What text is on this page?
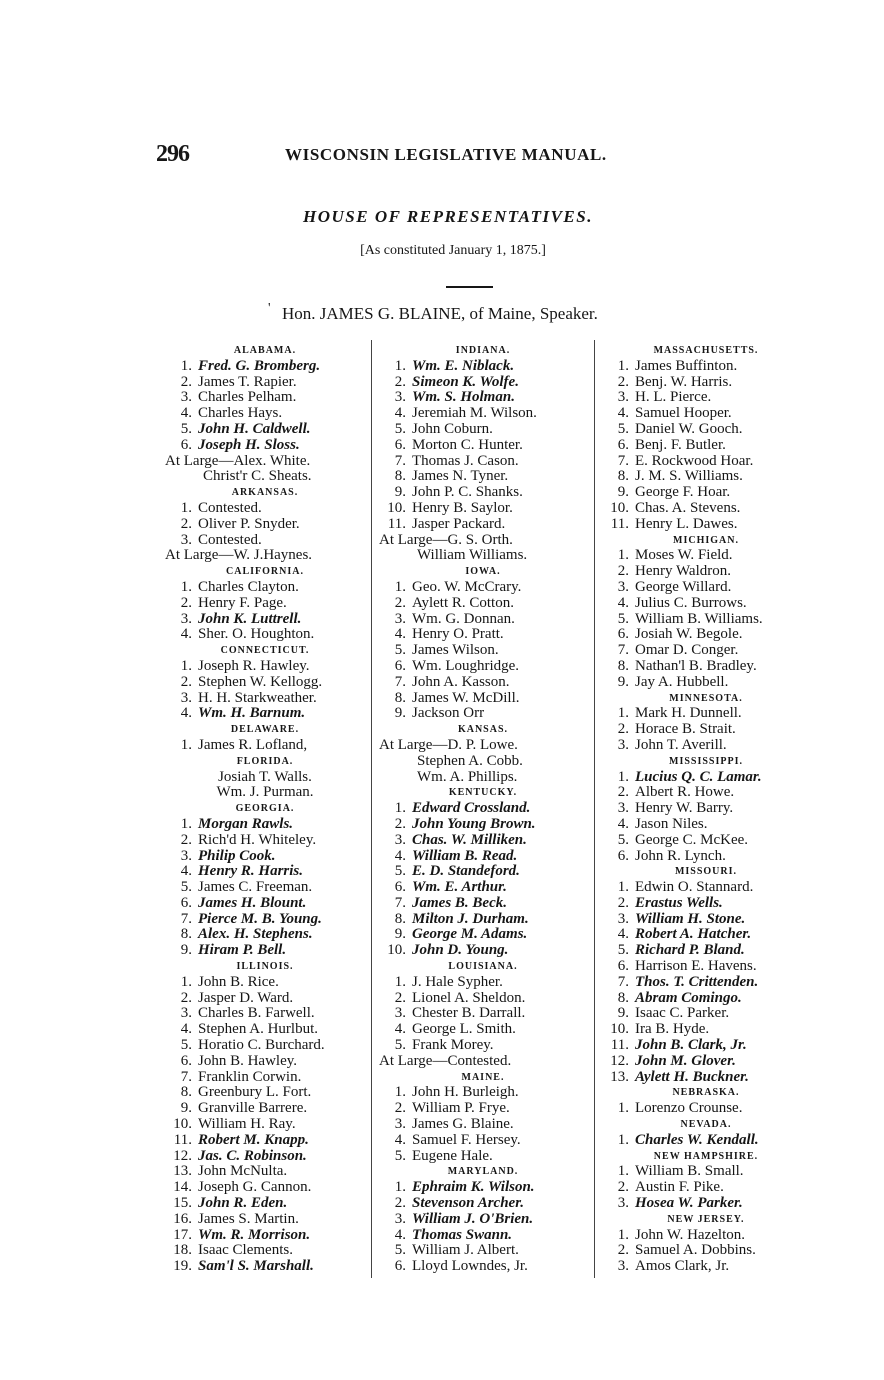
296	WISCONSIN LEGISLATIVE MANUAL.
HOUSE OF REPRESENTATIVES.
[As constituted January 1, 1875.]
' Hon. JAMES G. BLAINE, of Maine, Speaker.
ALABAMA.
1. Fred. G. Bromberg.
2. James T. Rapier.
3. Charles Pelham.
4. Charles Hays.
5. John H. Caldwell.
6. Joseph H. Sloss.
At Large—Alex. White.
Christ'r C. Sheats.
ARKANSAS.
1. Contested.
2. Oliver P. Snyder.
3. Contested.
At Large—W. J.Haynes.
CALIFORNIA.
1. Charles Clayton.
2. Henry F. Page.
3. John K. Luttrell.
4. Sher. O. Houghton.
CONNECTICUT.
1. Joseph R. Hawley.
2. Stephen W. Kellogg.
3. H. H. Starkweather.
4. Wm. H. Barnum.
DELAWARE.
1. James R. Lofland,
FLORIDA.
Josiah T. Walls.
Wm. J. Purman.
GEORGIA.
1. Morgan Rawls.
2. Rich'd H. Whiteley.
3. Philip Cook.
4. Henry R. Harris.
5. James C. Freeman.
6. James H. Blount.
7. Pierce M. B. Young.
8. Alex. H. Stephens.
9. Hiram P. Bell.
ILLINOIS.
1. John B. Rice.
2. Jasper D. Ward.
3. Charles B. Farwell.
4. Stephen A. Hurlbut.
5. Horatio C. Burchard.
6. John B. Hawley.
7. Franklin Corwin.
8. Greenbury L. Fort.
9. Granville Barrere.
10. William H. Ray.
11. Robert M. Knapp.
12. Jas. C. Robinson.
13. John McNulta.
14. Joseph G. Cannon.
15. John R. Eden.
16. James S. Martin.
17. Wm. R. Morrison.
18. Isaac Clements.
19. Sam'l S. Marshall.
INDIANA.
1. Wm. E. Niblack.
2. Simeon K. Wolfe.
3. Wm. S. Holman.
4. Jeremiah M. Wilson.
5. John Coburn.
6. Morton C. Hunter.
7. Thomas J. Cason.
8. James N. Tyner.
9. John P. C. Shanks.
10. Henry B. Saylor.
11. Jasper Packard.
At Large—G. S. Orth.
William Williams.
IOWA.
1. Geo. W. McCrary.
2. Aylett R. Cotton.
3. Wm. G. Donnan.
4. Henry O. Pratt.
5. James Wilson.
6. Wm. Loughridge.
7. John A. Kasson.
8. James W. McDill.
9. Jackson Orr
KANSAS.
At Large—D. P. Lowe.
Stephen A. Cobb.
Wm. A. Phillips.
KENTUCKY.
1. Edward Crossland.
2. John Young Brown.
3. Chas. W. Milliken.
4. William B. Read.
5. E. D. Standeford.
6. Wm. E. Arthur.
7. James B. Beck.
8. Milton J. Durham.
9. George M. Adams.
10. John D. Young.
LOUISIANA.
1. J. Hale Sypher.
2. Lionel A. Sheldon.
3. Chester B. Darrall.
4. George L. Smith.
5. Frank Morey.
At Large—Contested.
MAINE.
1. John H. Burleigh.
2. William P. Frye.
3. James G. Blaine.
4. Samuel F. Hersey.
5. Eugene Hale.
MARYLAND.
1. Ephraim K. Wilson.
2. Stevenson Archer.
3. William J. O'Brien.
4. Thomas Swann.
5. William J. Albert.
6. Lloyd Lowndes, Jr.
MASSACHUSETTS.
1. James Buffinton.
2. Benj. W. Harris.
3. H. L. Pierce.
4. Samuel Hooper.
5. Daniel W. Gooch.
6. Benj. F. Butler.
7. E. Rockwood Hoar.
8. J. M. S. Williams.
9. George F. Hoar.
10. Chas. A. Stevens.
11. Henry L. Dawes.
MICHIGAN.
1. Moses W. Field.
2. Henry Waldron.
3. George Willard.
4. Julius C. Burrows.
5. William B. Williams.
6. Josiah W. Begole.
7. Omar D. Conger.
8. Nathan'l B. Bradley.
9. Jay A. Hubbell.
MINNESOTA.
1. Mark H. Dunnell.
2. Horace B. Strait.
3. John T. Averill.
MISSISSIPPI.
1. Lucius Q. C. Lamar.
2. Albert R. Howe.
3. Henry W. Barry.
4. Jason Niles.
5. George C. McKee.
6. John R. Lynch.
MISSOURI.
1. Edwin O. Stannard.
2. Erastus Wells.
3. William H. Stone.
4. Robert A. Hatcher.
5. Richard P. Bland.
6. Harrison E. Havens.
7. Thos. T. Crittenden.
8. Abram Comingo.
9. Isaac C. Parker.
10. Ira B. Hyde.
11. John B. Clark, Jr.
12. John M. Glover.
13. Aylett H. Buckner.
NEBRASKA.
1. Lorenzo Crounse.
NEVADA.
1. Charles W. Kendall.
NEW HAMPSHIRE.
1. William B. Small.
2. Austin F. Pike.
3. Hosea W. Parker.
NEW JERSEY.
1. John W. Hazelton.
2. Samuel A. Dobbins.
3. Amos Clark, Jr.
